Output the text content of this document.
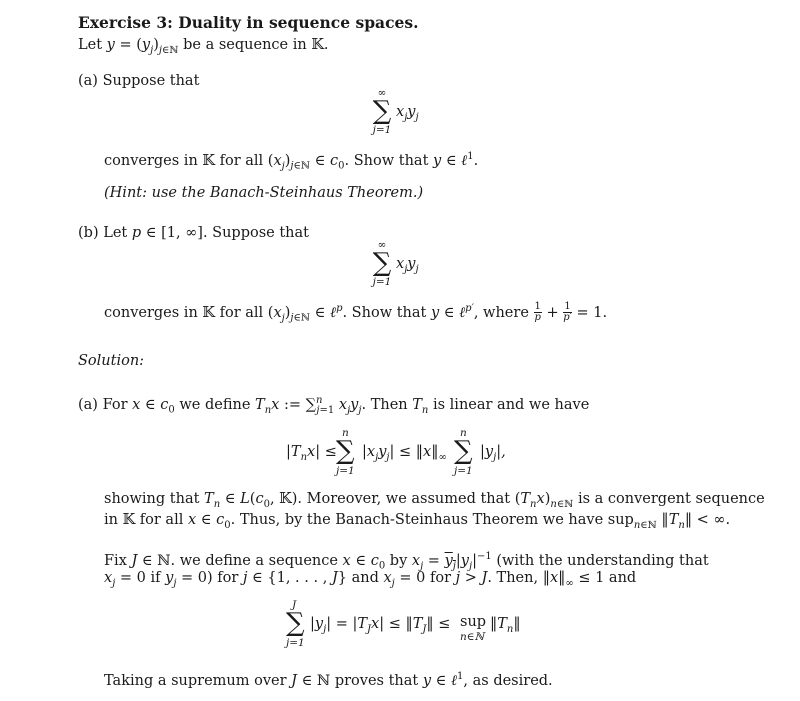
Exercise 3: Duality in sequence spaces.
Let $y = (y_j)_{j\in ℕ}$ be a sequence in 𝕂.
(a) Suppose that
∞
∑ $x_jy_j$
j=1
converges in 𝕂 for all $(x_j)_{j\in ℕ}$ ∈ $c_0$. Show that y ∈ ℓ$^1$.
(Hint: use the Banach-Steinhaus Theorem.)
(b) Let p ∈ [1, ∞]. Suppose that
∞
∑ $x_jy_j$
j=1
converges in 𝕂 for all $(x_j)_{j\in ℕ}$ ∈ ℓ$^p$. Show that y ∈ ℓ$^{p'}$, where $\frac{1}{p} + \frac{1}{p'} = 1$.
Solution:
(a) For x ∈ $c_0$ we define $T_nx$ := ∑$^n_{j=1}$ $x_jy_j$. Then $T_n$ is linear and we have
$|T_nx|$ ≤
n
∑
j=1
$|x_jy_j|$ ≤ $‖x‖_\infty$
n
∑
j=1
$|y_j|$,
showing that $T_n$ ∈ $L(c_0$, 𝕂). Moreover, we assumed that $(T_nx)_{n\in ℕ}$ is a convergent sequence
in 𝕂 for all x ∈ $c_0$. Thus, by the Banach-Steinhaus Theorem we have sup$_{n\in ℕ}$ $‖T_n‖$ < ∞.
Fix J ∈ ℕ. we define a sequence x ∈ $c_0$ by $x_j = y_j|y_j|^{-1}$ (with the understanding that
$x_j = 0$ if $y_j = 0$) for j ∈ {1, . . . , J} and $x_j = 0$ for j > J. Then, $‖x‖_\infty \le 1$ and
J
∑
j=1
$|y_j| = |T_Jx|$ ≤ $‖T_J‖$ ≤ sup
n∈ℕ
$‖T_n‖$
Taking a supremum over J ∈ ℕ proves that y ∈ ℓ$^1$, as desired.
